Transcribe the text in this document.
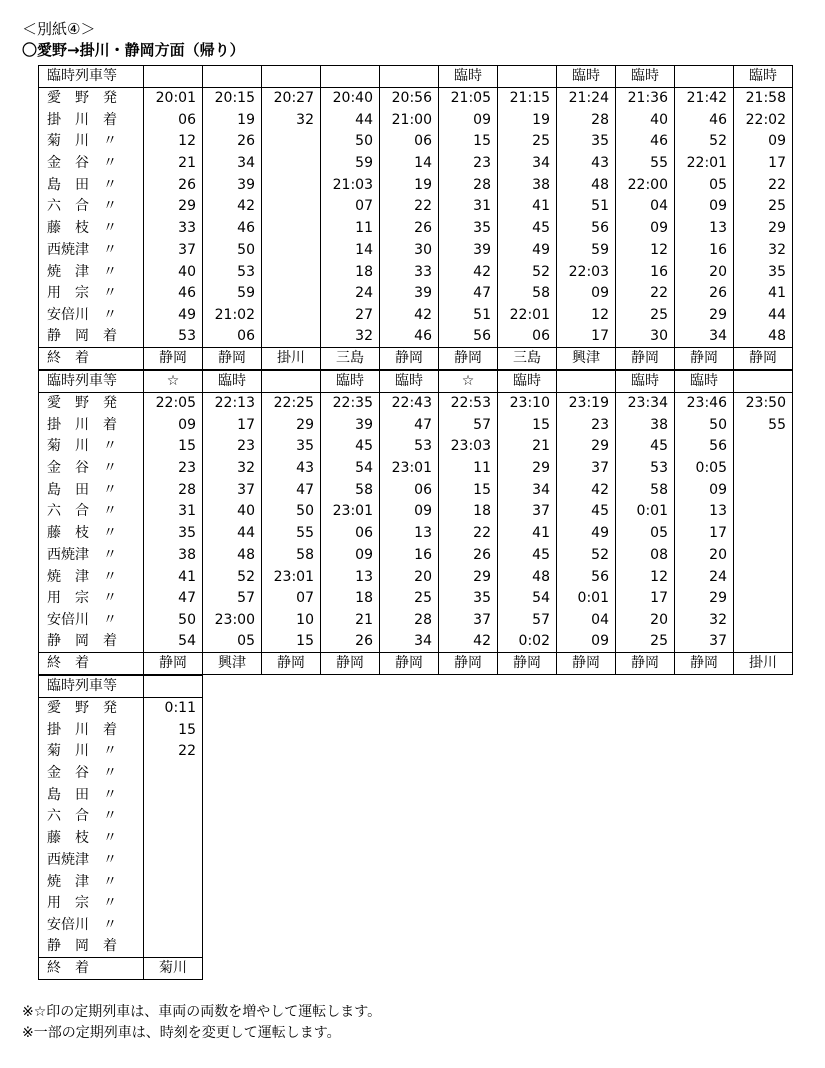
＜別紙④＞
〇愛野→掛川・静岡方面（帰り）
臨時列車等						臨時		臨時	臨時		臨時
愛　野　発	20:01	20:15	20:27	20:40	20:56	21:05	21:15	21:24	21:36	21:42	21:58
掛　川　着	06	19	32	44	21:00	09	19	28	40	46	22:02
菊　川　〃	12	26		50	06	15	25	35	46	52	09
金　谷　〃	21	34		59	14	23	34	43	55	22:01	17
島　田　〃	26	39		21:03	19	28	38	48	22:00	05	22
六　合　〃	29	42		07	22	31	41	51	04	09	25
藤　枝　〃	33	46		11	26	35	45	56	09	13	29
西焼津　〃	37	50		14	30	39	49	59	12	16	32
焼　津　〃	40	53		18	33	42	52	22:03	16	20	35
用　宗　〃	46	59		24	39	47	58	09	22	26	41
安倍川　〃	49	21:02		27	42	51	22:01	12	25	29	44
静　岡　着	53	06		32	46	56	06	17	30	34	48
終　着	静岡	静岡	掛川	三島	静岡	静岡	三島	興津	静岡	静岡	静岡
臨時列車等	☆	臨時		臨時	臨時	☆	臨時		臨時	臨時	
愛　野　発	22:05	22:13	22:25	22:35	22:43	22:53	23:10	23:19	23:34	23:46	23:50
掛　川　着	09	17	29	39	47	57	15	23	38	50	55
菊　川　〃	15	23	35	45	53	23:03	21	29	45	56	
金　谷　〃	23	32	43	54	23:01	11	29	37	53	0:05	
島　田　〃	28	37	47	58	06	15	34	42	58	09	
六　合　〃	31	40	50	23:01	09	18	37	45	0:01	13	
藤　枝　〃	35	44	55	06	13	22	41	49	05	17	
西焼津　〃	38	48	58	09	16	26	45	52	08	20	
焼　津　〃	41	52	23:01	13	20	29	48	56	12	24	
用　宗　〃	47	57	07	18	25	35	54	0:01	17	29	
安倍川　〃	50	23:00	10	21	28	37	57	04	20	32	
静　岡　着	54	05	15	26	34	42	0:02	09	25	37	
終　着	静岡	興津	静岡	静岡	静岡	静岡	静岡	静岡	静岡	静岡	掛川
臨時列車等	
愛　野　発	0:11
掛　川　着	15
菊　川　〃	22
金　谷　〃	
島　田　〃	
六　合　〃	
藤　枝　〃	
西焼津　〃	
焼　津　〃	
用　宗　〃	
安倍川　〃	
静　岡　着	
終　着	菊川
※☆印の定期列車は、車両の両数を増やして運転します。
※一部の定期列車は、時刻を変更して運転します。
